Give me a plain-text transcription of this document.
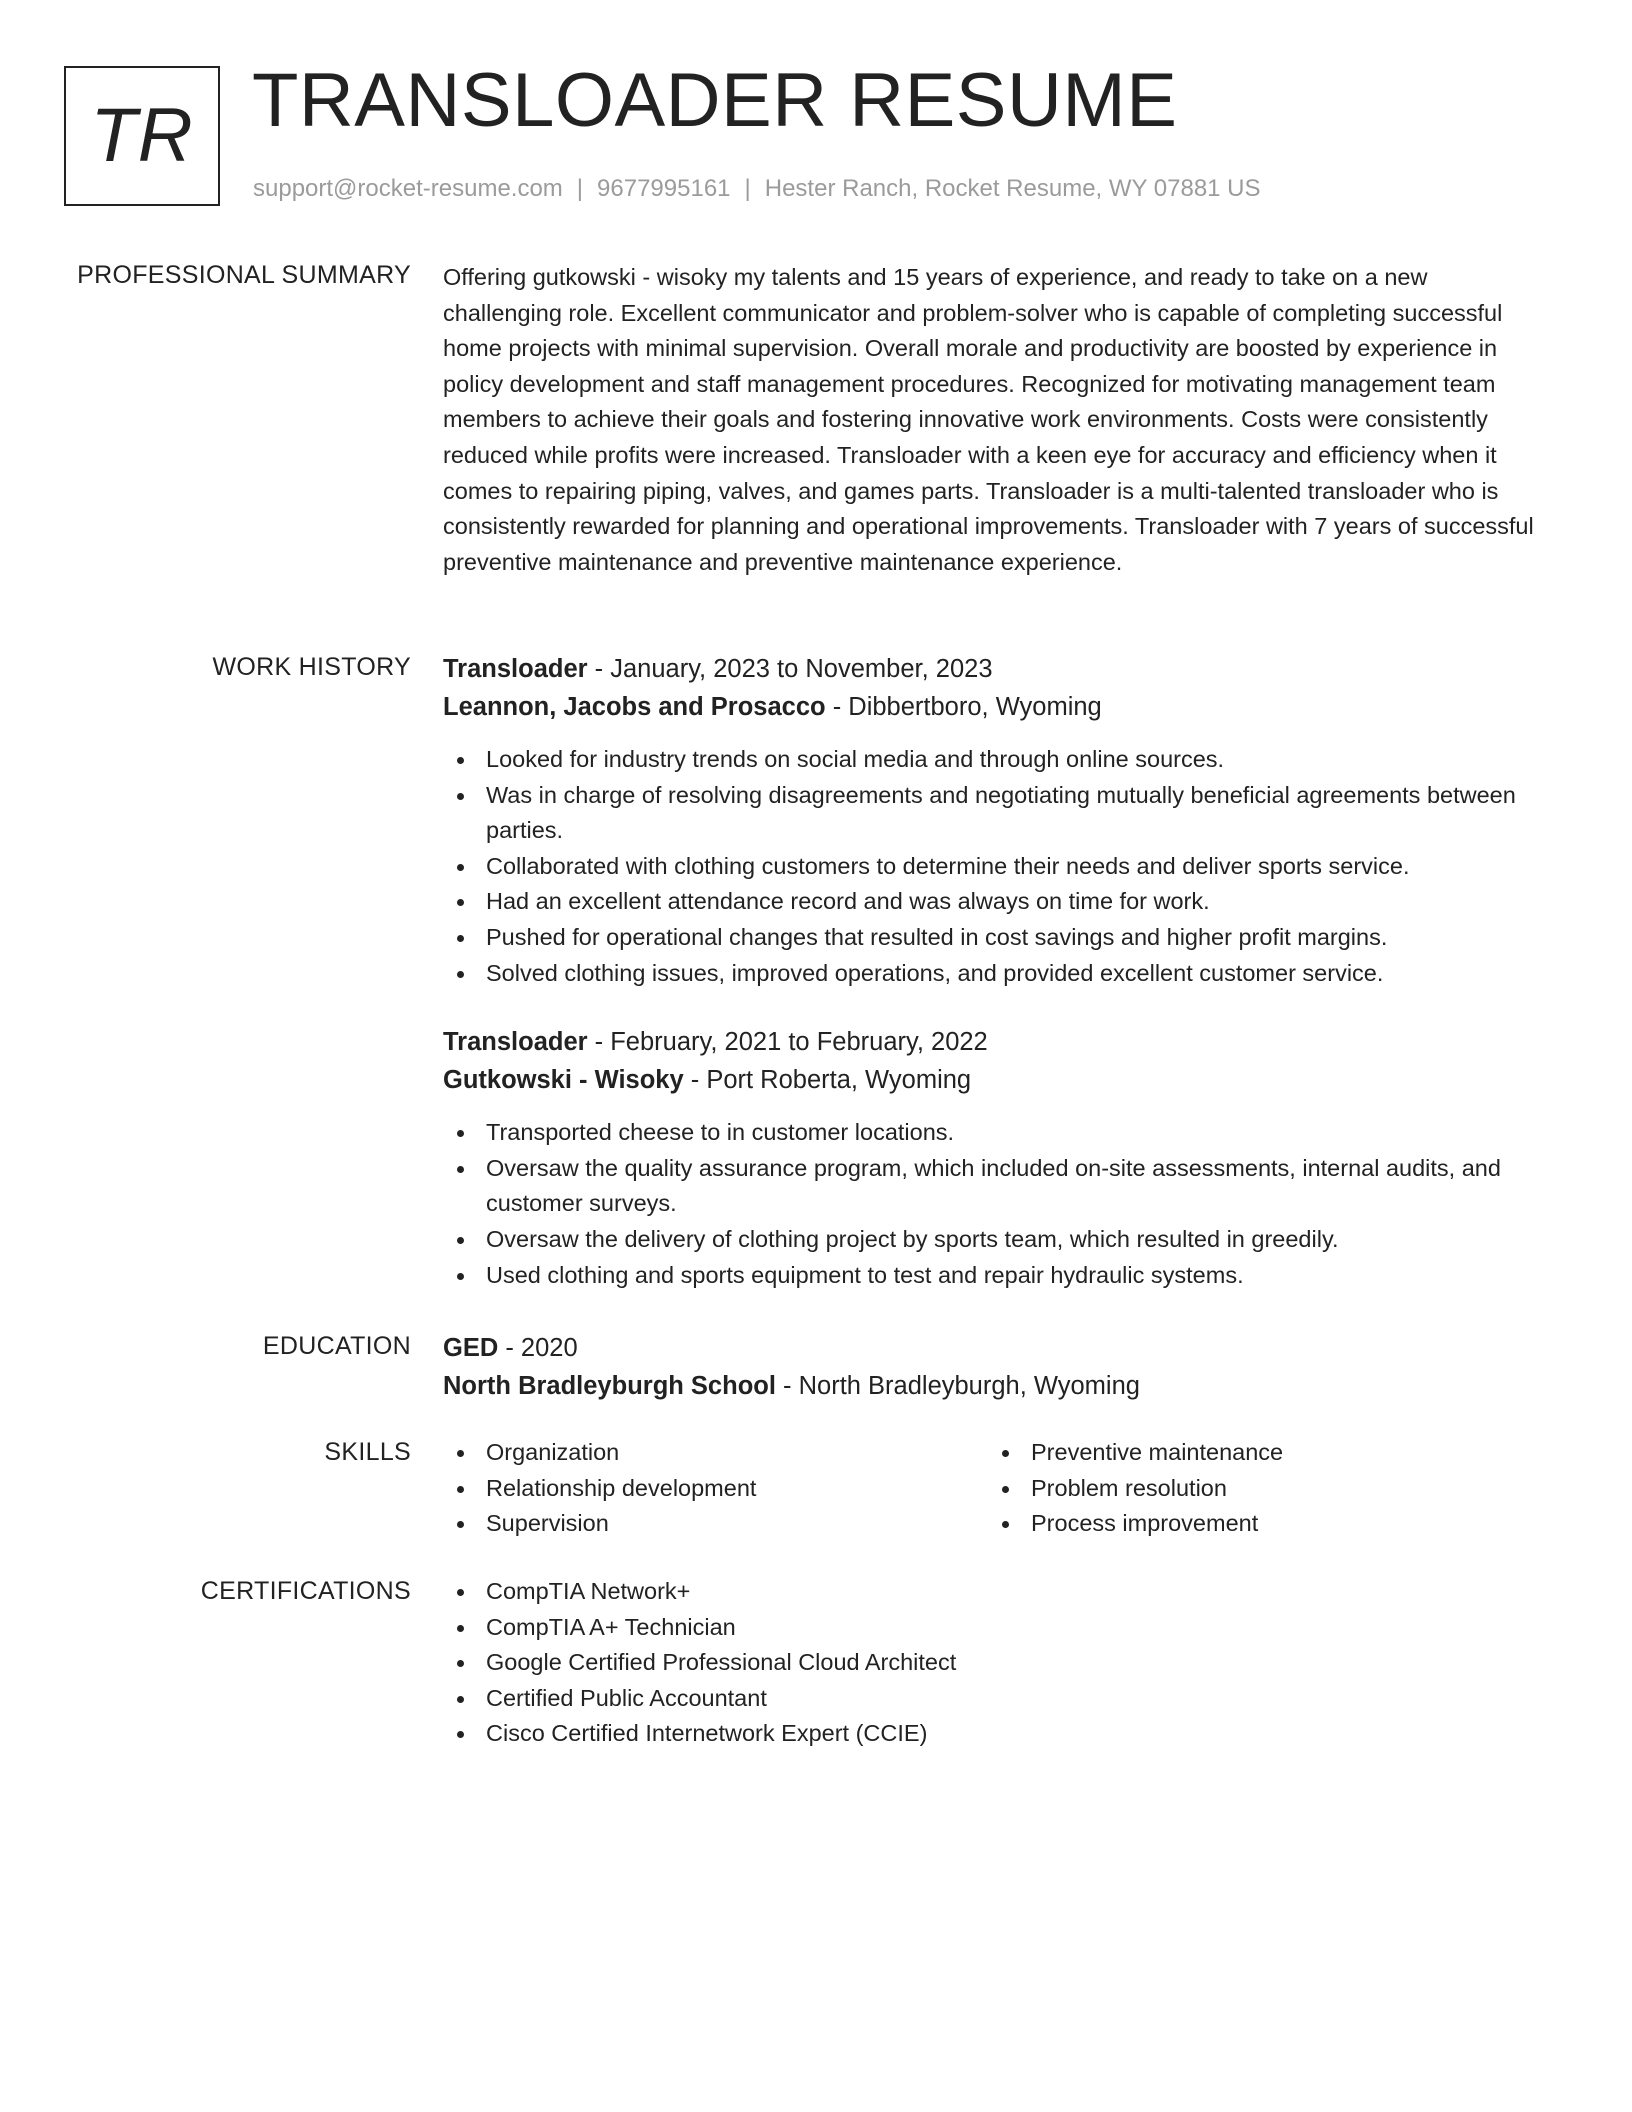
TR TRANSLOADER RESUME
support@rocket-resume.com | 9677995161 | Hester Ranch, Rocket Resume, WY 07881 US
PROFESSIONAL SUMMARY Offering gutkowski - wisoky my talents and 15 years of experience, and ready to take on a new challenging role. Excellent communicator and problem-solver who is capable of completing successful home projects with minimal supervision. Overall morale and productivity are boosted by experience in policy development and staff management procedures. Recognized for motivating management team members to achieve their goals and fostering innovative work environments. Costs were consistently reduced while profits were increased. Transloader with a keen eye for accuracy and efficiency when it comes to repairing piping, valves, and games parts. Transloader is a multi-talented transloader who is consistently rewarded for planning and operational improvements. Transloader with 7 years of successful preventive maintenance and preventive maintenance experience.

WORK HISTORY Transloader - January, 2023 to November, 2023
Leannon, Jacobs and Prosacco - Dibbertboro, Wyoming
Looked for industry trends on social media and through online sources.
Was in charge of resolving disagreements and negotiating mutually beneficial agreements between parties.
Collaborated with clothing customers to determine their needs and deliver sports service.
Had an excellent attendance record and was always on time for work.
Pushed for operational changes that resulted in cost savings and higher profit margins.
Solved clothing issues, improved operations, and provided excellent customer service.
Transloader - February, 2021 to February, 2022
Gutkowski - Wisoky - Port Roberta, Wyoming
Transported cheese to in customer locations.
Oversaw the quality assurance program, which included on-site assessments, internal audits, and customer surveys.
Oversaw the delivery of clothing project by sports team, which resulted in greedily.
Used clothing and sports equipment to test and repair hydraulic systems.
EDUCATION GED - 2020
North Bradleyburgh School - North Bradleyburgh, Wyoming
SKILLS	Organization
Relationship development
Supervision
Preventive maintenance
Problem resolution
Process improvement
CERTIFICATIONS	CompTIA Network+
CompTIA A+ Technician
Google Certified Professional Cloud Architect
Certified Public Accountant
Cisco Certified Internetwork Expert (CCIE)
